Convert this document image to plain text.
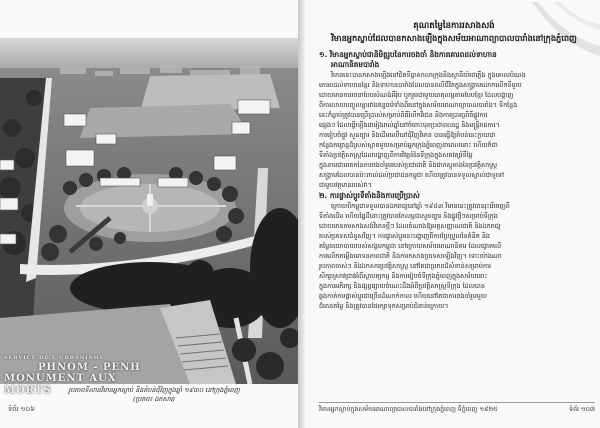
SERVICE DE L'URBANISME
PHNOM - PENH
MONUMENT AUX MORTS	រូបភាពទីលាន​វិមានអ្នកស្លាប់ និងតំបន់ជុំវិញក្នុងឆ្នាំ ១៩៣០ នៅក្រុងភ្នំពេញ
(ប្រភព៖ ឯកសារ)
ទំព័រ ១០៦
គុណតម្លៃនៃការរសាងសង់
វិមានអ្នកស្លាប់​ដែលបានកសាងឡើងក្នុងសម័យអាណាព្យាបាលបារាំងនៅក្រុងភ្នំពេញ
១. វិមានអ្នកស្លាប់​ជានិមិត្តរូបនៃការចងចាំ និងការគោរពដល់ទាហាន
អាណានិគមបារាំង
វិមាននេះបានកសាងឡើងនៅជិតទីធ្លាសាលាក្រុងនិងស្ថានីយ៍រថភ្លើង ក្នុងគោលបំណង
គោរពដល់ទាហានខ្មែរ និងទាហានបារាំងដែលបានពលីជីវិតក្នុងសង្គ្រាមលោកលើកទីមួយ
ដោយមានការរចនាបែបសំណង់អឺរ៉ុប បូករួមជាមួយធាតុលម្អតាមបែបខ្មែរ ដែលបង្ហាញ
ពីការលាយបញ្ចូលគ្នារវាងវប្បធម៌ទាំងពីរនៅក្នុងសម័យអាណាព្យាបាលបារាំង។ ទីកន្លែង
នេះក៏ធ្លាប់ត្រូវបានប្រើប្រាស់សម្រាប់ពិធីរំលឹកវីរជន និងការប្រារព្ធពិធីផ្លូវការ
ផ្សេងៗ ដែលធ្វើឡើងជារៀងរាល់ឆ្នាំនៅចំពោះមុខប្រជាពលរដ្ឋ និងមន្ត្រីរាជការ។
ការរៀបចំផ្លូវ សួនច្បារ និងដើមឈើនៅជុំវិញវិមាន បានធ្វើឱ្យតំបន់នេះក្លាយជា
កន្លែងកម្សាន្តដ៏ស្រស់ស្អាតមួយសម្រាប់អ្នកក្រុងភ្នំពេញនាពេលនោះ ហើយក៏ជា
ទីតាំងប្រវត្តិសាស្ត្រដែលបង្ហាញពីការវិវត្តន៍នៃទីក្រុងក្នុងសតវត្សរ៍ទីម្ភៃ
ក្នុងនាមជាមរតកនៃការចងចាំរួមរបស់ប្រជាជាតិ និងជាភស្តុតាងនៃប្រវត្តិសាស្ត្រ
សង្គ្រាមដែលបានប៉ះពាល់ដល់ប្រជាជនកម្ពុជា ហើយត្រូវបានទទួលស្គាល់ជាទូទៅ
ជាមួយវត្តមានរបស់វា។
២. ការផ្លាស់ប្តូរទីតាំងនិងការប្រើប្រាស់
ក្រោយពីកម្ពុជាទទួលបានឯករាជ្យនៅឆ្នាំ ១៩៥៣ វិមាននេះត្រូវបានរុះរើចេញពី
ទីតាំងដើម ហើយផ្ទៃដីនោះត្រូវបានកែលម្អជាសួនច្បារ និងផ្លូវថ្មីៗសម្រាប់ទីក្រុង
ដោយមានការសាងសង់វិមានថ្មីៗ ដែលតំណាងឱ្យអត្តសញ្ញាណជាតិ និងឯករាជ្យ
របស់ប្រទេសជំនួសវិញ។ ការផ្លាស់ប្តូរនេះបង្ហាញពីការប្រែប្រួលនៃគំនិត និង
តម្លៃនយោបាយរបស់សង្គមកម្ពុជា នៅក្រោយសម័យអាណានិគម ដែលផ្តោតលើ
ការលើកតម្កើងមោទនភាពជាតិ និងការកសាងប្រទេសឡើងវិញ។ ទោះយ៉ាងណា
រូបភាពចាស់ៗ និងឯកសារប្រវត្តិសាស្ត្រ នៅតែជាប្រភពដ៏សំខាន់សម្រាប់ការ
សិក្សាស្រាវជ្រាវអំពីស្ថាបត្យកម្ម និងការរៀបចំទីក្រុងភ្នំពេញក្នុងសម័យនោះ
ក្នុងការអភិរក្ស និងផ្សព្វផ្សាយចំណេះដឹងអំពីប្រវត្តិសាស្ត្រទីក្រុង ដែលបាន
ឆ្លងកាត់ការផ្លាស់ប្តូរជាច្រើនដំណាក់កាល ហើយនៅតែជាការចងចាំរួមមួយ
ដ៏មានតម្លៃ និងត្រូវបានថែរក្សាទុកសម្រាប់ជំនាន់ក្រោយ។
វិមានអ្នកស្លាប់ក្នុងសម័យអាណាព្យាបាលបារាំងនៅក្រុងភ្នំពេញ ទីភ្នំពេញ ១៩២៥	ទំព័រ ១០៧
